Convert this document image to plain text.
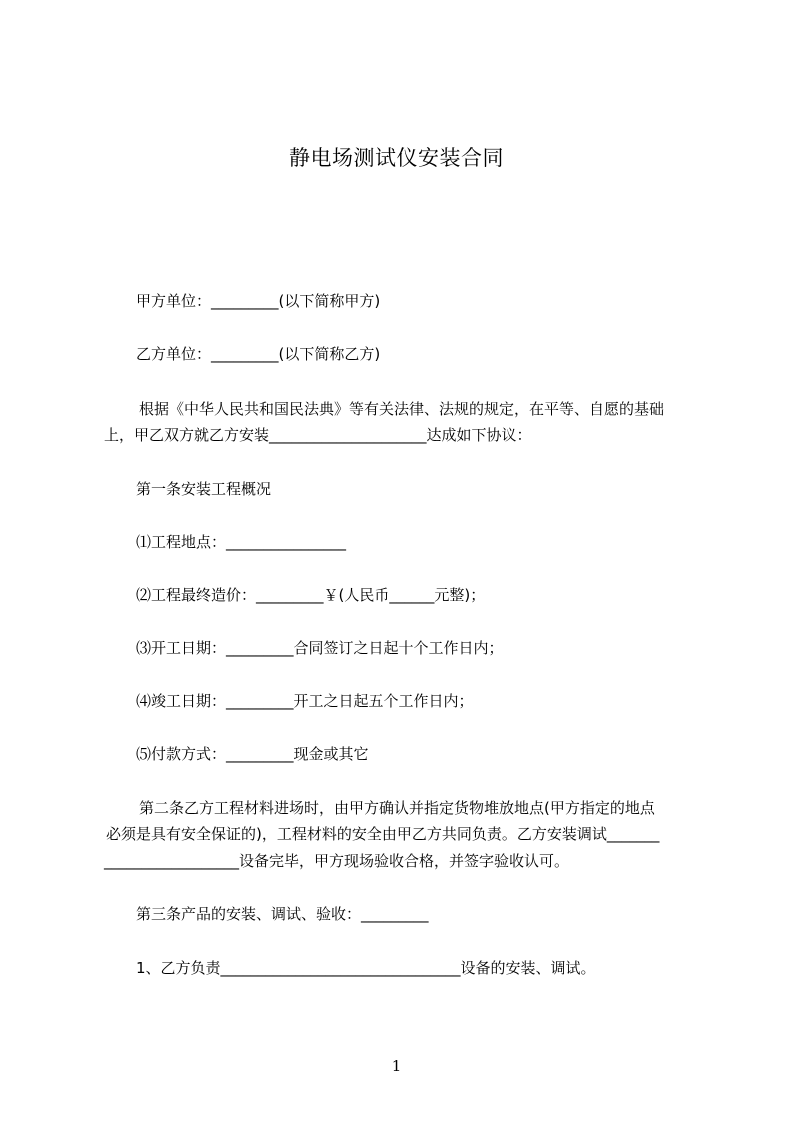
静电场测试仪安装合同
甲方单位：_________(以下简称甲方)
乙方单位：_________(以下简称乙方)
根据《中华人民共和国民法典》等有关法律、法规的规定，在平等、自愿的基础
上，甲乙双方就乙方安装_____________________达成如下协议：
第一条安装工程概况
⑴工程地点：________________
⑵工程最终造价：_________￥(人民币______元整)；
⑶开工日期：_________合同签订之日起十个工作日内；
⑷竣工日期：_________开工之日起五个工作日内；
⑸付款方式：_________现金或其它
第二条乙方工程材料进场时，由甲方确认并指定货物堆放地点(甲方指定的地点
必须是具有安全保证的)，工程材料的安全由甲乙方共同负责。乙方安装调试_______
__________________设备完毕，甲方现场验收合格，并签字验收认可。
第三条产品的安装、调试、验收：_________
1、乙方负责________________________________设备的安装、调试。
1
